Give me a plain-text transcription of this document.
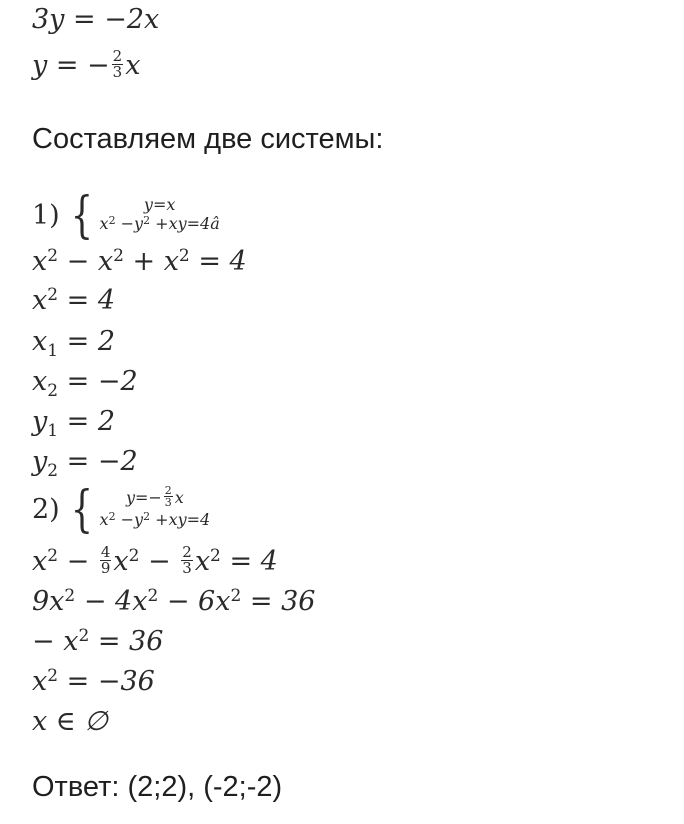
3y = −2x
y = − $\frac{2}{3}$ x
Составляем две системы:
1) {	y=x
$x^2 -y^2$ +xy=4â
$x^2 - x^2 + x^2 = 4$
$x^2 = 4$
$x_1 = 2$
$x_2 = -2$
$y_1 = 2$
$y_2 = -2$
2) { $y=- \frac{2}{3}$ x
$x^2 -y^2 +xy=4$
$x^2 - \frac{4}{9} x^2 - \frac{2}{3} x^2 = 4$
$9x^2 - 4x^2 - 6x^2 = 36$
− $x^2 = 36$
$x^2 = -36$
x ∈ ∅
Ответ: (2;2), (-2;-2)
